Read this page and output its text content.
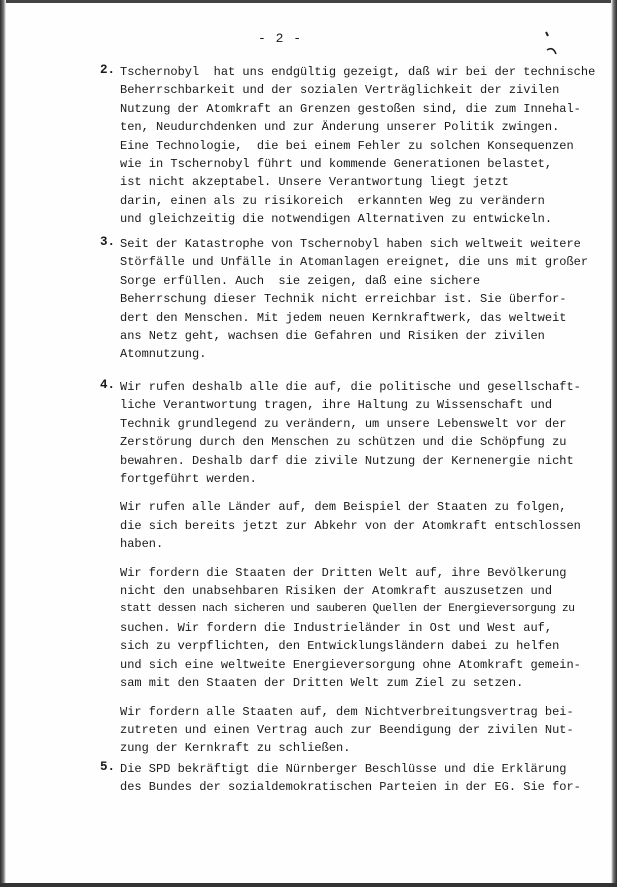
- 2 -
2. Tschernobyl  hat uns endgültig gezeigt, daß wir bei der technische
Beherrschbarkeit und der sozialen Verträglichkeit der zivilen
Nutzung der Atomkraft an Grenzen gestoßen sind, die zum Innehal-
ten, Neudurchdenken und zur Änderung unserer Politik zwingen.
Eine Technologie,  die bei einem Fehler zu solchen Konsequenzen
wie in Tschernobyl führt und kommende Generationen belastet,
ist nicht akzeptabel. Unsere Verantwortung liegt jetzt
darin, einen als zu risikoreich  erkannten Weg zu verändern
und gleichzeitig die notwendigen Alternativen zu entwickeln.
3. Seit der Katastrophe von Tschernobyl haben sich weltweit weitere
Störfälle und Unfälle in Atomanlagen ereignet, die uns mit großer
Sorge erfüllen. Auch  sie zeigen, daß eine sichere
Beherrschung dieser Technik nicht erreichbar ist. Sie überfor-
dert den Menschen. Mit jedem neuen Kernkraftwerk, das weltweit
ans Netz geht, wachsen die Gefahren und Risiken der zivilen
Atomnutzung.
4. Wir rufen deshalb alle die auf, die politische und gesellschaft-
liche Verantwortung tragen, ihre Haltung zu Wissenschaft und
Technik grundlegend zu verändern, um unsere Lebenswelt vor der
Zerstörung durch den Menschen zu schützen und die Schöpfung zu
bewahren. Deshalb darf die zivile Nutzung der Kernenergie nicht
fortgeführt werden.
Wir rufen alle Länder auf, dem Beispiel der Staaten zu folgen,
die sich bereits jetzt zur Abkehr von der Atomkraft entschlossen
haben.
Wir fordern die Staaten der Dritten Welt auf, ihre Bevölkerung
nicht den unabsehbaren Risiken der Atomkraft auszusetzen und
statt dessen nach sicheren und sauberen Quellen der Energieversorgung zu
suchen. Wir fordern die Industrieländer in Ost und West auf,
sich zu verpflichten, den Entwicklungsländern dabei zu helfen
und sich eine weltweite Energieversorgung ohne Atomkraft gemein-
sam mit den Staaten der Dritten Welt zum Ziel zu setzen.
Wir fordern alle Staaten auf, dem Nichtverbreitungsvertrag bei-
zutreten und einen Vertrag auch zur Beendigung der zivilen Nut-
zung der Kernkraft zu schließen.
5. Die SPD bekräftigt die Nürnberger Beschlüsse und die Erklärung
des Bundes der sozialdemokratischen Parteien in der EG. Sie for-
